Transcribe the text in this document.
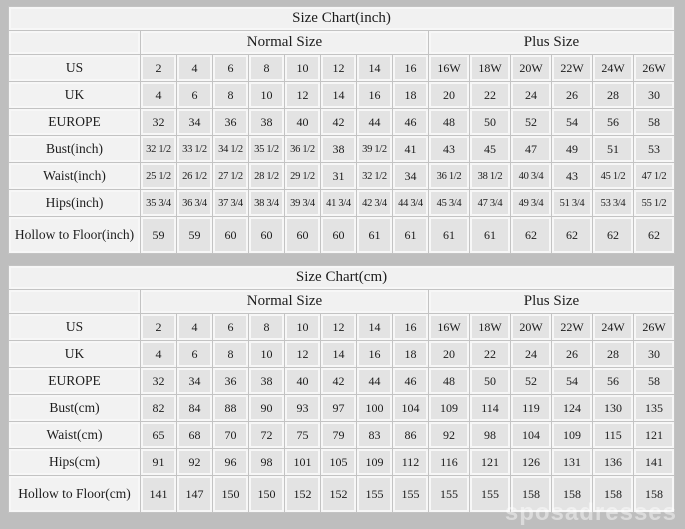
Size Chart(inch)														
	Normal Size								Plus Size					
US	2	4	6	8	10	12	14	16	16W	18W	20W	22W	24W	26W
UK	4	6	8	10	12	14	16	18	20	22	24	26	28	30
EUROPE	32	34	36	38	40	42	44	46	48	50	52	54	56	58
Bust(inch)	32 1/2	33 1/2	34 1/2	35 1/2	36 1/2	38	39 1/2	41	43	45	47	49	51	53
Waist(inch)	25 1/2	26 1/2	27 1/2	28 1/2	29 1/2	31	32 1/2	34	36 1/2	38 1/2	40 3/4	43	45 1/2	47 1/2
Hips(inch)	35 3/4	36 3/4	37 3/4	38 3/4	39 3/4	41 3/4	42 3/4	44 3/4	45 3/4	47 3/4	49 3/4	51 3/4	53 3/4	55 1/2
Hollow to Floor(inch)	59	59	60	60	60	60	61	61	61	61	62	62	62	62
Size Chart(cm)														
	Normal Size								Plus Size					
US	2	4	6	8	10	12	14	16	16W	18W	20W	22W	24W	26W
UK	4	6	8	10	12	14	16	18	20	22	24	26	28	30
EUROPE	32	34	36	38	40	42	44	46	48	50	52	54	56	58
Bust(cm)	82	84	88	90	93	97	100	104	109	114	119	124	130	135
Waist(cm)	65	68	70	72	75	79	83	86	92	98	104	109	115	121
Hips(cm)	91	92	96	98	101	105	109	112	116	121	126	131	136	141
Hollow to Floor(cm)	141	147	150	150	152	152	155	155	155	155	158	158	158	158
sposadresses
